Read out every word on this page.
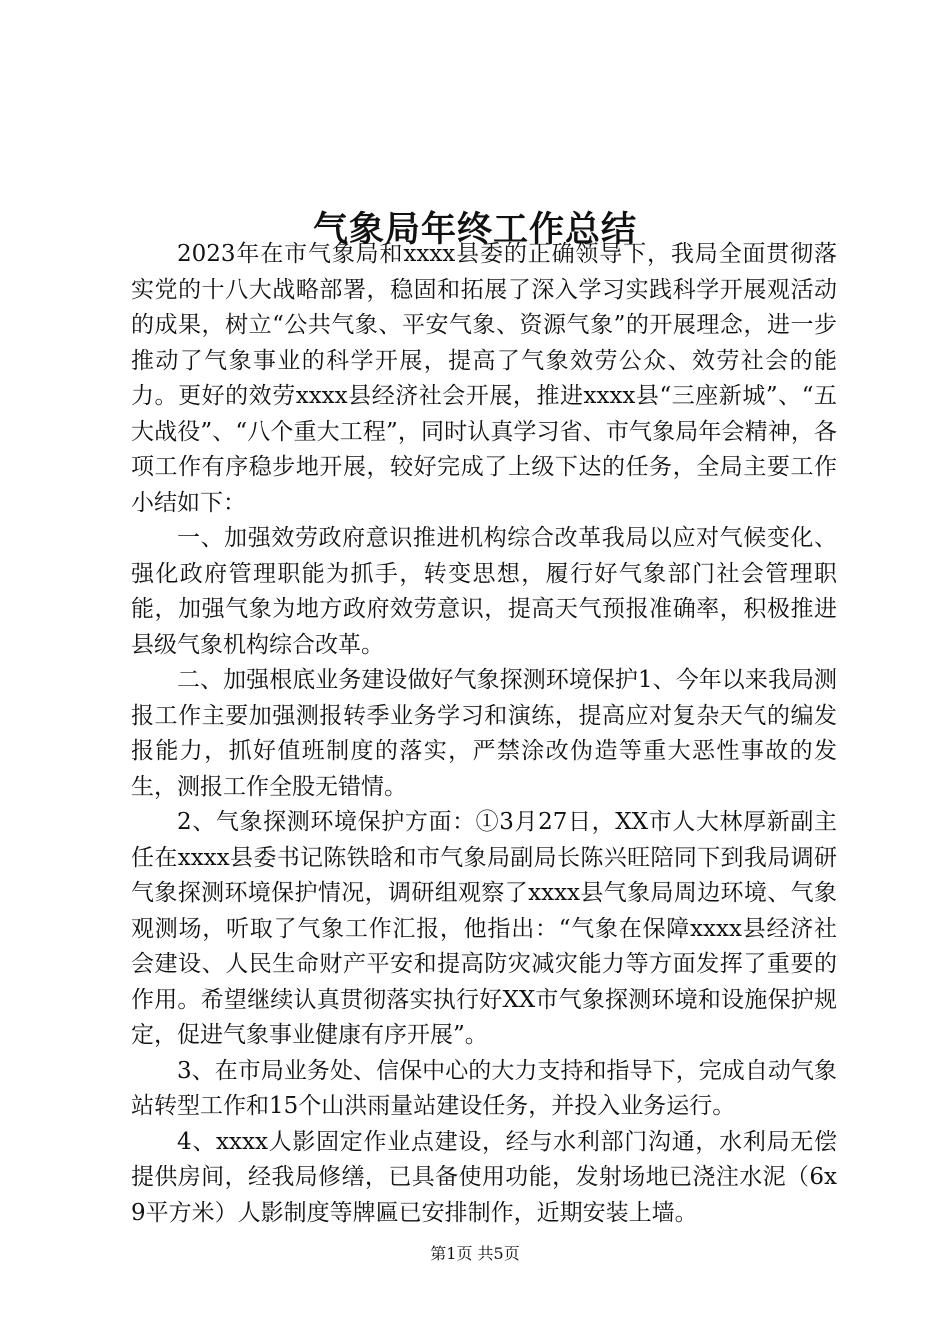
气象局年终工作总结

2023年在市气象局和xxxx县委的正确领导下，我局全面贯彻落实党的十八大战略部署，稳固和拓展了深入学习实践科学开展观活动的成果，树立“公共气象、平安气象、资源气象”的开展理念，进一步推动了气象事业的科学开展，提高了气象效劳公众、效劳社会的能力。更好的效劳xxxx县经济社会开展，推进xxxx县“三座新城”、“五大战役”、“八个重大工程”，同时认真学习省、市气象局年会精神，各项工作有序稳步地开展，较好完成了上级下达的任务，全局主要工作小结如下：

一、加强效劳政府意识推进机构综合改革我局以应对气候变化、强化政府管理职能为抓手，转变思想，履行好气象部门社会管理职能，加强气象为地方政府效劳意识，提高天气预报准确率，积极推进县级气象机构综合改革。

二、加强根底业务建设做好气象探测环境保护1、今年以来我局测报工作主要加强测报转季业务学习和演练，提高应对复杂天气的编发报能力，抓好值班制度的落实，严禁涂改伪造等重大恶性事故的发生，测报工作全股无错情。

2、气象探测环境保护方面：①3月27日，XX市人大林厚新副主任在xxxx县委书记陈铁晗和市气象局副局长陈兴旺陪同下到我局调研气象探测环境保护情况，调研组观察了xxxx县气象局周边环境、气象观测场，听取了气象工作汇报，他指出：“气象在保障xxxx县经济社会建设、人民生命财产平安和提高防灾减灾能力等方面发挥了重要的作用。希望继续认真贯彻落实执行好XX市气象探测环境和设施保护规定，促进气象事业健康有序开展”。

3、在市局业务处、信保中心的大力支持和指导下，完成自动气象站转型工作和15个山洪雨量站建设任务，并投入业务运行。

4、xxxx人影固定作业点建设，经与水利部门沟通，水利局无偿提供房间，经我局修缮，已具备使用功能，发射场地已浇注水泥（6x9平方米）人影制度等牌匾已安排制作，近期安装上墙。

第1页 共5页
